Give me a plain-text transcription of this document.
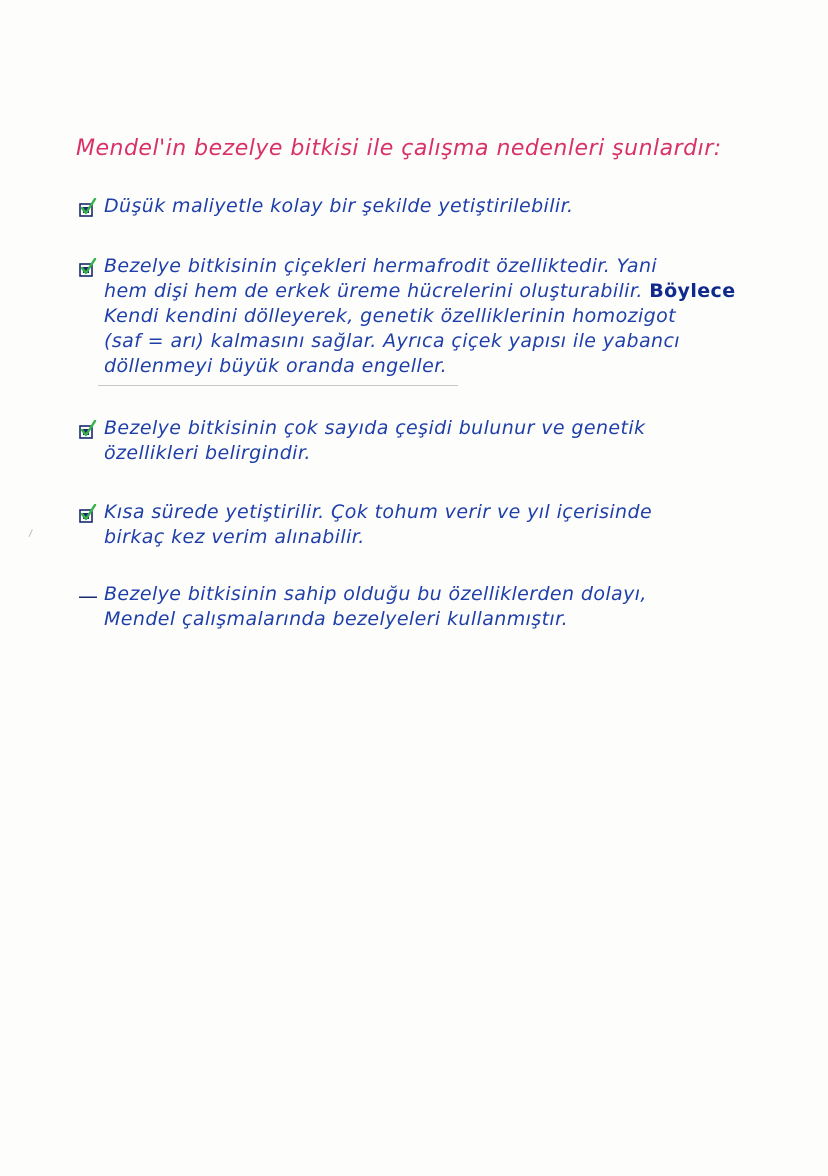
Mendel'in bezelye bitkisi ile çalışma nedenleri şunlardır:
Düşük maliyetle kolay bir şekilde yetiştirilebilir.
Bezelye bitkisinin çiçekleri hermafrodit özelliktedir. Yani
hem dişi hem de erkek üreme hücrelerini oluşturabilir. Böylece
Kendi kendini dölleyerek, genetik özelliklerinin homozigot
(saf = arı) kalmasını sağlar. Ayrıca çiçek yapısı ile yabancı
döllenmeyi büyük oranda engeller.
Bezelye bitkisinin çok sayıda çeşidi bulunur ve genetik
özellikleri belirgindir.
Kısa sürede yetiştirilir. Çok tohum verir ve yıl içerisinde
birkaç kez verim alınabilir.
— Bezelye bitkisinin sahip olduğu bu özelliklerden dolayı,
Mendel çalışmalarında bezelyeleri kullanmıştır.
